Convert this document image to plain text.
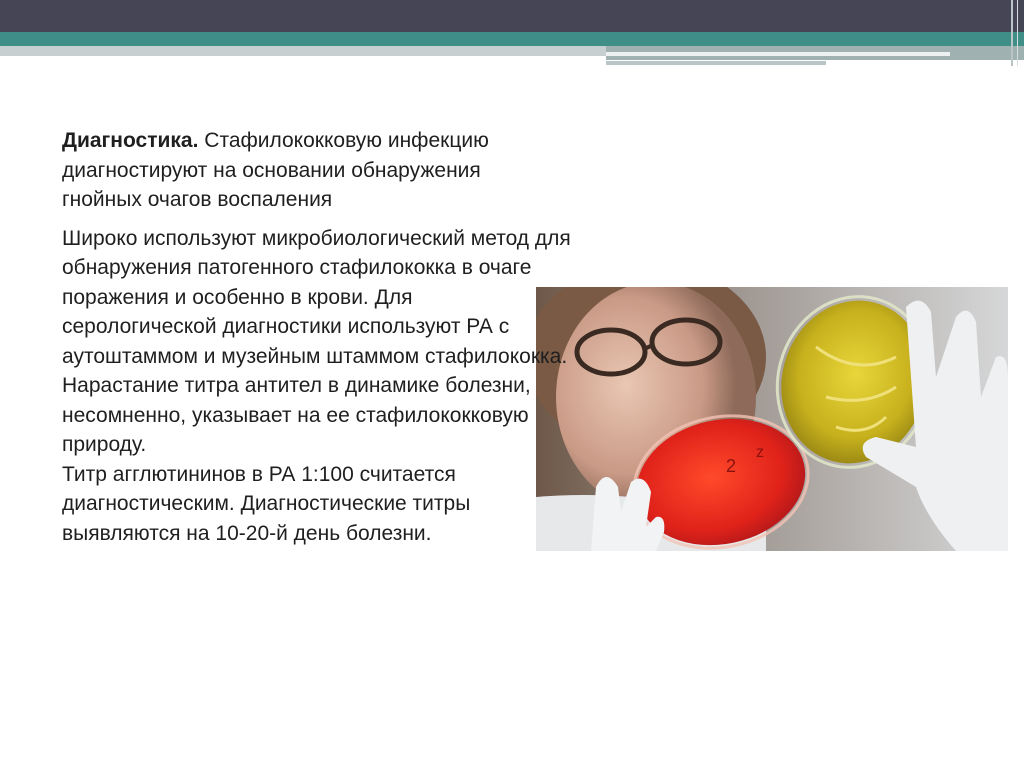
2
z

Диагностика. Стафилококковую инфекцию диагностируют на основании обнаружения гнойных очагов воспаления

Широко используют микробиологический метод для обнаружения патогенного стафилококка в очаге поражения и особенно в крови. Для серологической диагностики используют РА с аутоштаммом и музейным штаммом стафилококка. Нарастание титра антител в динамике болезни, несомненно, указывает на ее стафилококковую природу.
Титр агглютининов в РА 1:100 считается диагностическим. Диагностические титры выявляются на 10-20-й день болезни.
